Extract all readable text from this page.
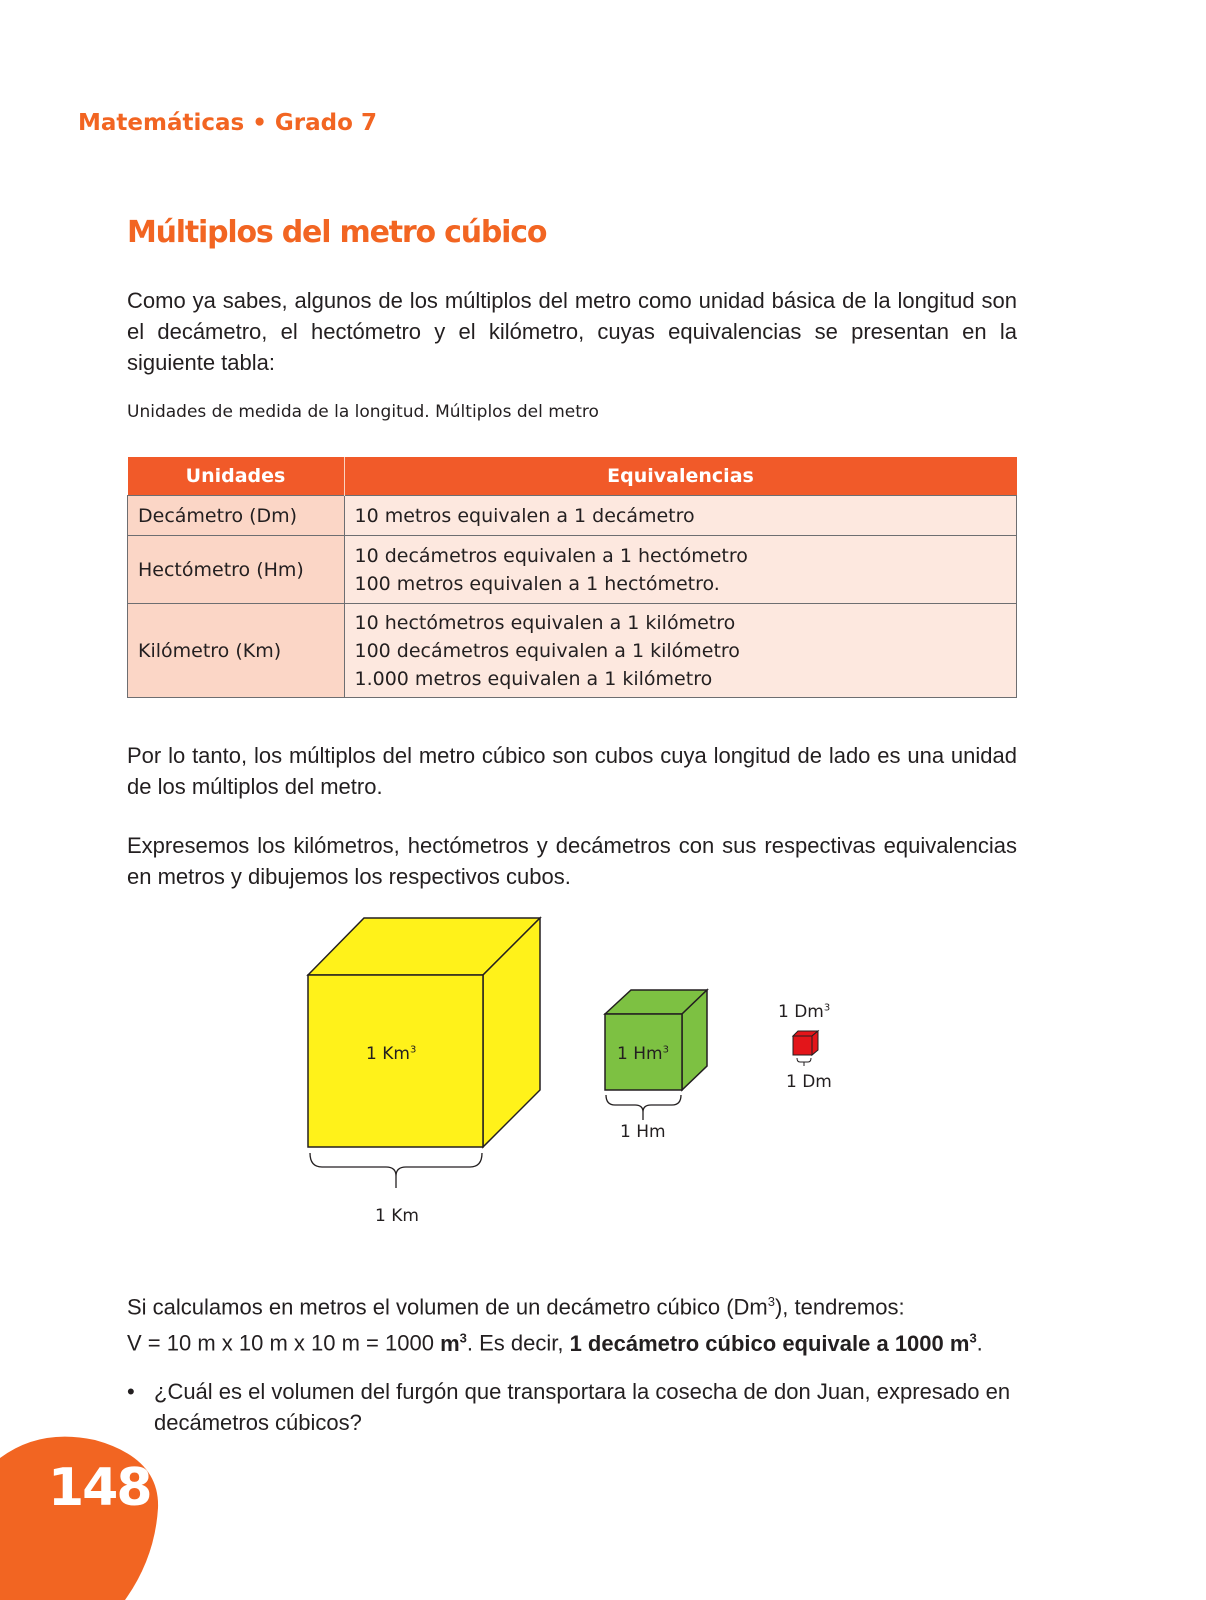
Matemáticas • Grado 7
Múltiplos del metro cúbico
Como ya sabes, algunos de los múltiplos del metro como unidad básica de la longitud son el decámetro, el hectómetro y el kilómetro, cuyas equivalencias se presentan en la siguiente tabla:
Unidades de medida de la longitud. Múltiplos del metro
Unidades	Equivalencias
Decámetro (Dm)	10 metros equivalen a 1 decámetro

Hectómetro (Hm)	10 decámetros equivalen a 1 hectómetro
100 metros equivalen a 1 hectómetro.

Kilómetro (Km)	10 hectómetros equivalen a 1 kilómetro
100 decámetros equivalen a 1 kilómetro
1.000 metros equivalen a 1 kilómetro
Por lo tanto, los múltiplos del metro cúbico son cubos cuya longitud de lado es una unidad de los múltiplos del metro.
Expresemos los kilómetros, hectómetros y decámetros con sus respectivas equivalencias en metros y dibujemos los respectivos cubos.
1 Km$^3$
1 Km
1 Hm$^3$
1 Hm
1 Dm$^3$
1 Dm
Si calculamos en metros el volumen de un decámetro cúbico (Dm$^3$), tendremos:
V = 10 m x 10 m x 10 m = 1000 $m^3$. Es decir, 1 decámetro cúbico equivale a 1000 $m^3$.
• ¿Cuál es el volumen del furgón que transportara la cosecha de don Juan, expresado en decámetros cúbicos?
148
